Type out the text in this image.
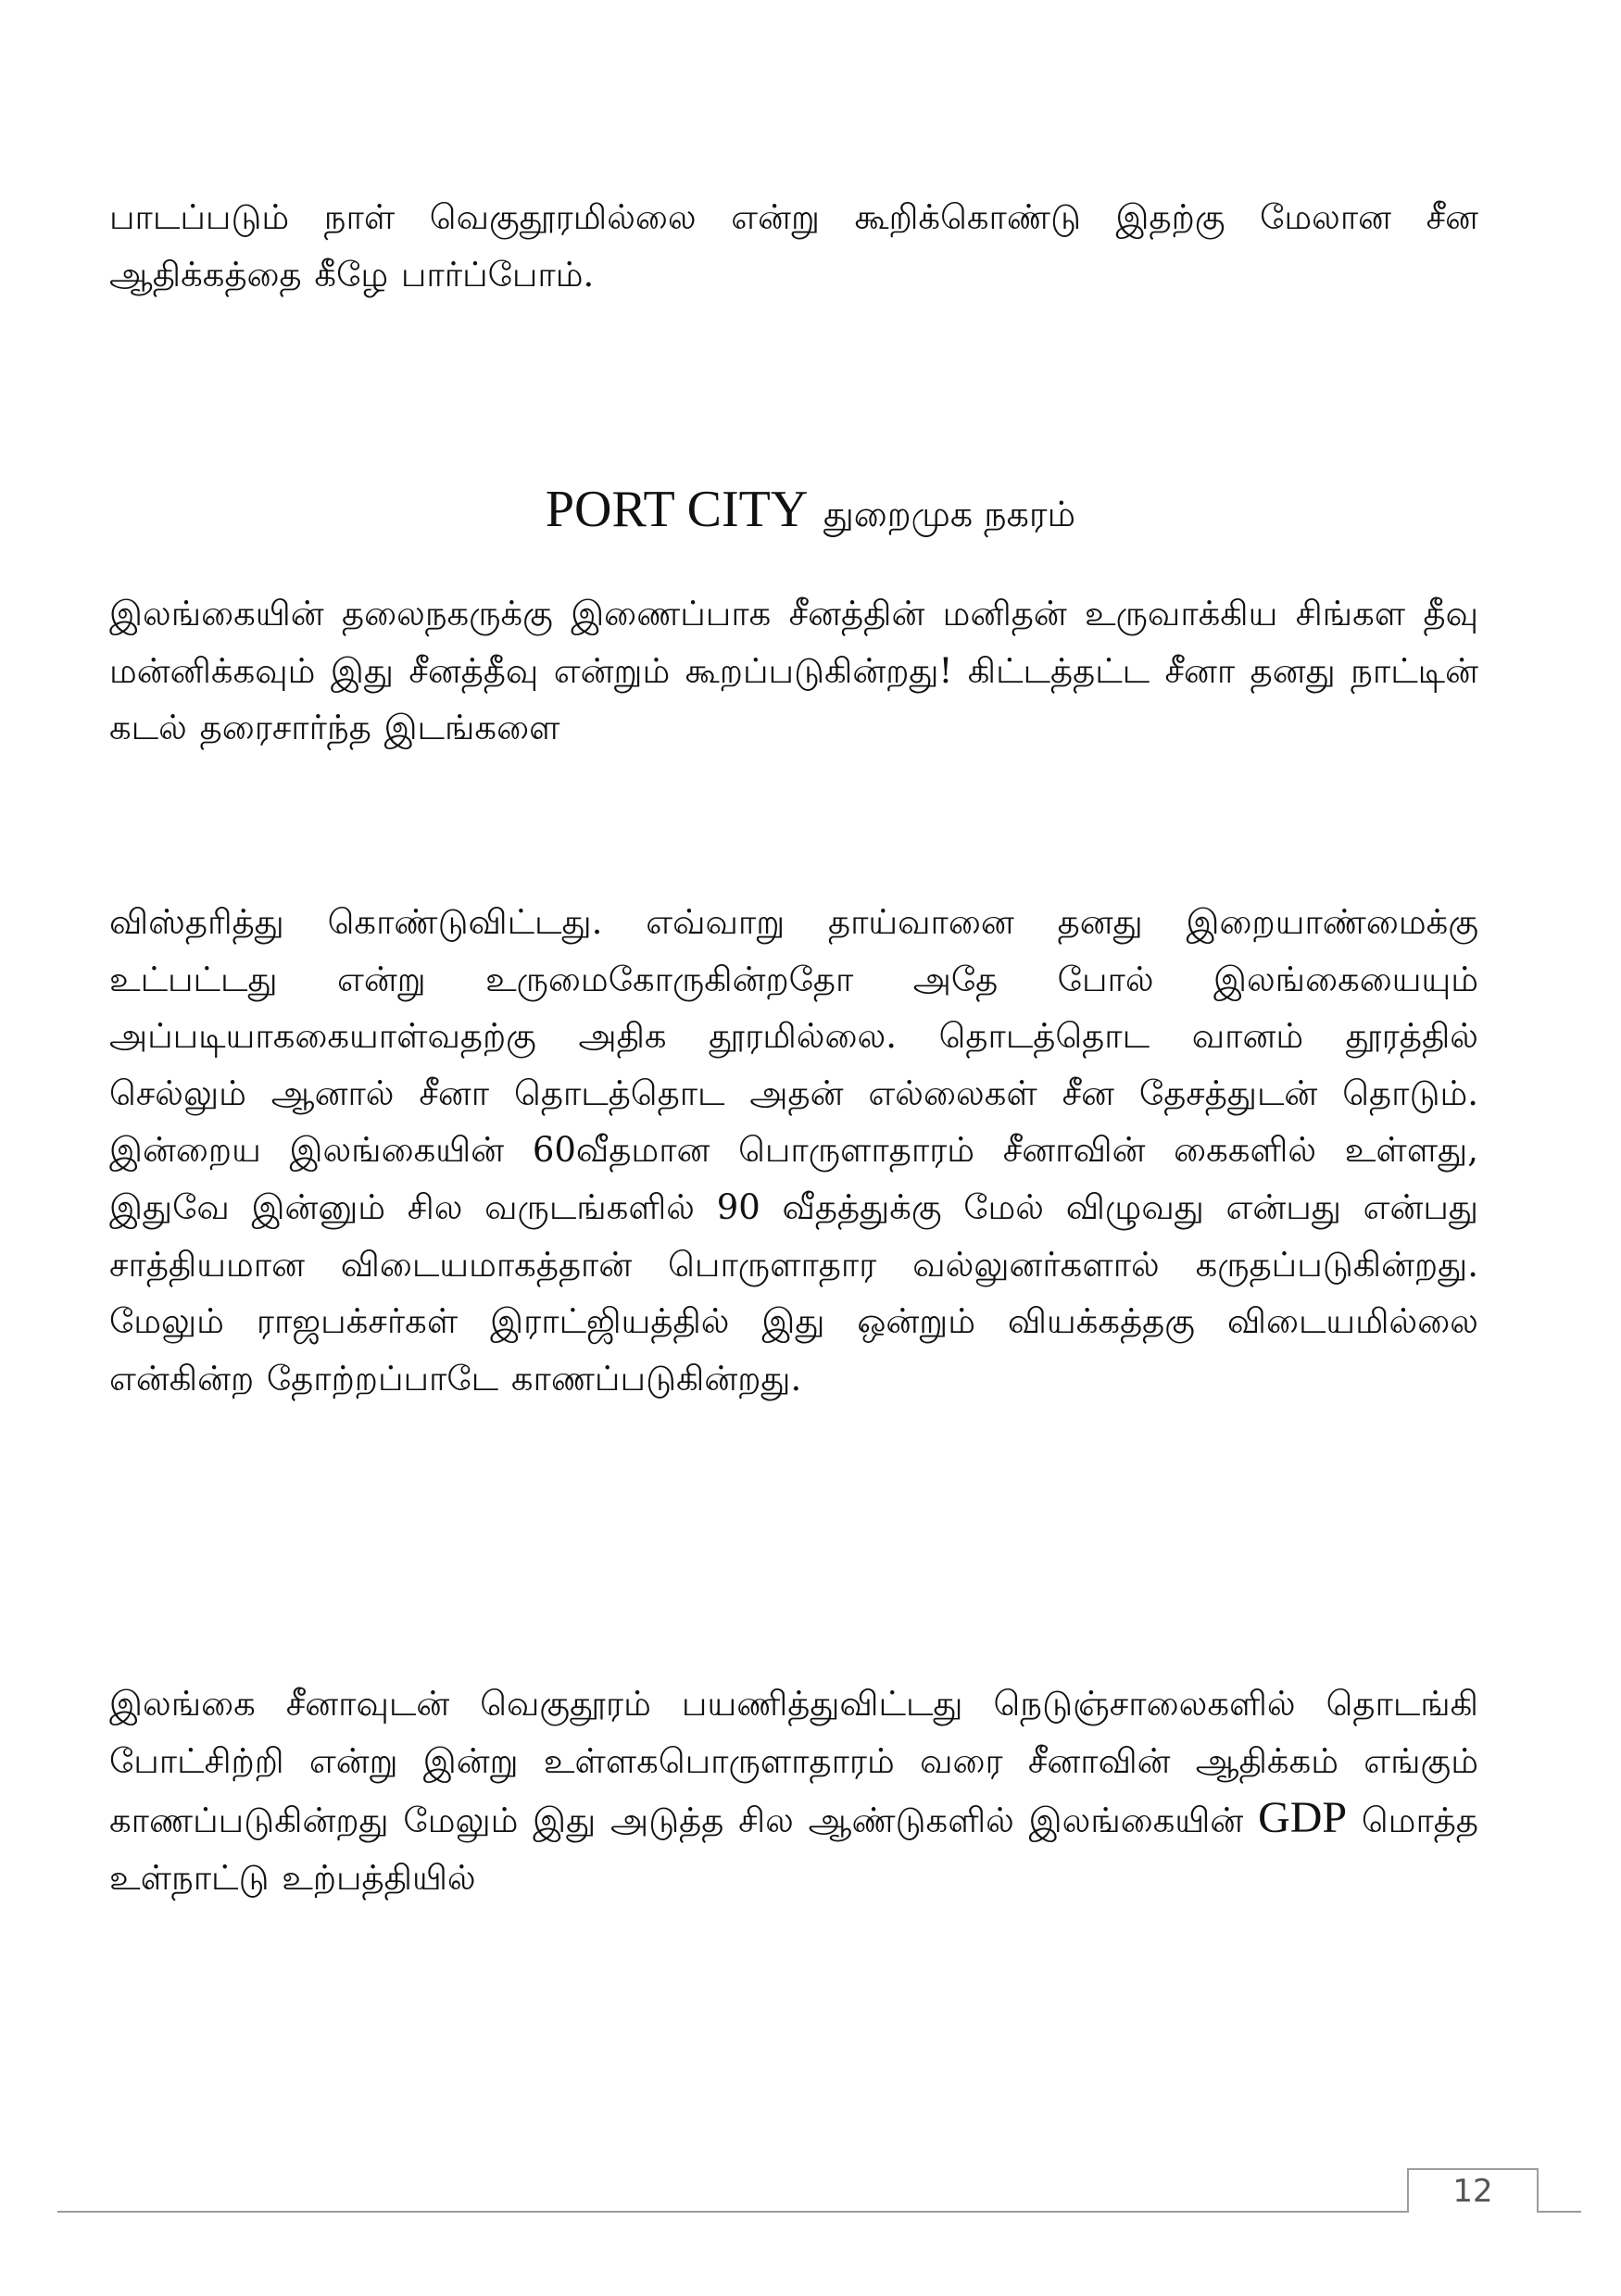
பாடப்படும் நாள் வெகுதூரமில்லை என்று கூறிக்கொண்டு இதற்கு மேலான சீன ஆதிக்கத்தை கீழே பார்ப்போம்.

PORT CITY துறைமுக நகரம்

இலங்கையின் தலைநகருக்கு இணைப்பாக சீனத்தின் மனிதன் உருவாக்கிய சிங்கள தீவு மன்னிக்கவும் இது சீனத்தீவு என்றும் கூறப்படுகின்றது! கிட்டத்தட்ட சீனா தனது நாட்டின் கடல் தரைசார்ந்த இடங்களை

விஸ்தரித்து கொண்டுவிட்டது. எவ்வாறு தாய்வானை தனது இறையாண்மைக்கு உட்பட்டது என்று உருமைகோருகின்றதோ அதே போல் இலங்கையையும் அப்படியாககையாள்வதற்கு அதிக தூரமில்லை. தொடத்தொட வானம் தூரத்தில் செல்லும் ஆனால் சீனா தொடத்தொட அதன் எல்லைகள் சீன தேசத்துடன் தொடும். இன்றைய இலங்கையின் 60வீதமான பொருளாதாரம் சீனாவின் கைகளில் உள்ளது, இதுவே இன்னும் சில வருடங்களில் 90 வீதத்துக்கு மேல் விழுவது என்பது என்பது சாத்தியமான விடையமாகத்தான் பொருளாதார வல்லுனர்களால் கருதப்படுகின்றது. மேலும் ராஜபக்சர்கள் இராட்ஜியத்தில் இது ஒன்றும் வியக்கத்தகு விடையமில்லை என்கின்ற தோற்றப்பாடே காணப்படுகின்றது.

இலங்கை சீனாவுடன் வெகுதூரம் பயணித்துவிட்டது நெடுஞ்சாலைகளில் தொடங்கி போட்சிற்றி என்று இன்று உள்ளகபொருளாதாரம் வரை சீனாவின் ஆதிக்கம் எங்கும் காணப்படுகின்றது மேலும் இது அடுத்த சில ஆண்டுகளில் இலங்கையின் GDP மொத்த உள்நாட்டு உற்பத்தியில்

12
